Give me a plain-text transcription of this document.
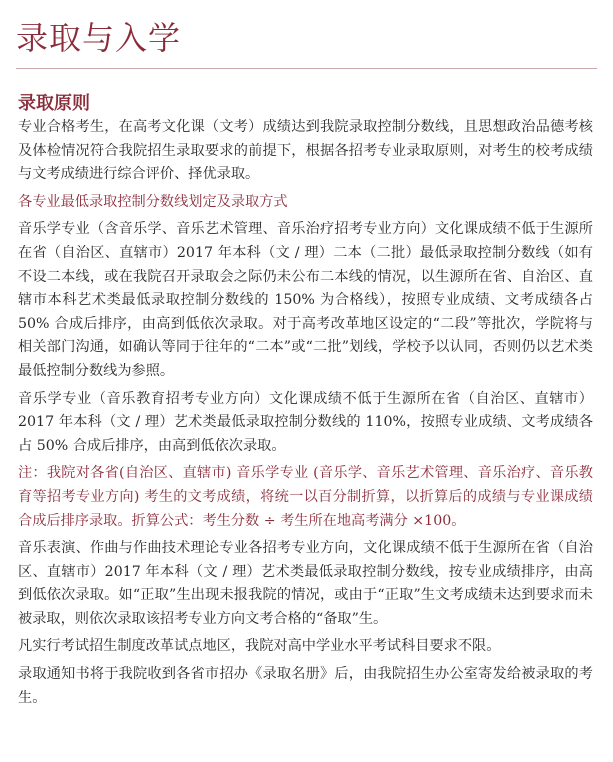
录取与入学
录取原则

专业合格考生，在高考文化课（文考）成绩达到我院录取控制分数线，且思想政治品德考核及体检情况符合我院招生录取要求的前提下，根据各招考专业录取原则，对考生的校考成绩与文考成绩进行综合评价、择优录取。

各专业最低录取控制分数线划定及录取方式

音乐学专业（含音乐学、音乐艺术管理、音乐治疗招考专业方向）文化课成绩不低于生源所在省（自治区、直辖市）2017 年本科（文 / 理）二本（二批）最低录取控制分数线（如有不设二本线，或在我院召开录取会之际仍未公布二本线的情况，以生源所在省、自治区、直辖市本科艺术类最低录取控制分数线的 150% 为合格线），按照专业成绩、文考成绩各占 50% 合成后排序，由高到低依次录取。对于高考改革地区设定的“二段”等批次，学院将与相关部门沟通，如确认等同于往年的“二本”或“二批”划线，学校予以认同，否则仍以艺术类最低控制分数线为参照。

音乐学专业（音乐教育招考专业方向）文化课成绩不低于生源所在省（自治区、直辖市）2017 年本科（文 / 理）艺术类最低录取控制分数线的 110%，按照专业成绩、文考成绩各占 50% 合成后排序，由高到低依次录取。

注：我院对各省(自治区、直辖市) 音乐学专业 (音乐学、音乐艺术管理、音乐治疗、音乐教育等招考专业方向) 考生的文考成绩，将统一以百分制折算，以折算后的成绩与专业课成绩合成后排序录取。折算公式：考生分数 ÷ 考生所在地高考满分 ×100。

音乐表演、作曲与作曲技术理论专业各招考专业方向，文化课成绩不低于生源所在省（自治区、直辖市）2017 年本科（文 / 理）艺术类最低录取控制分数线，按专业成绩排序，由高到低依次录取。如“正取”生出现未报我院的情况，或由于“正取”生文考成绩未达到要求而未被录取，则依次录取该招考专业方向文考合格的“备取”生。

凡实行考试招生制度改革试点地区，我院对高中学业水平考试科目要求不限。

录取通知书将于我院收到各省市招办《录取名册》后，由我院招生办公室寄发给被录取的考生。
